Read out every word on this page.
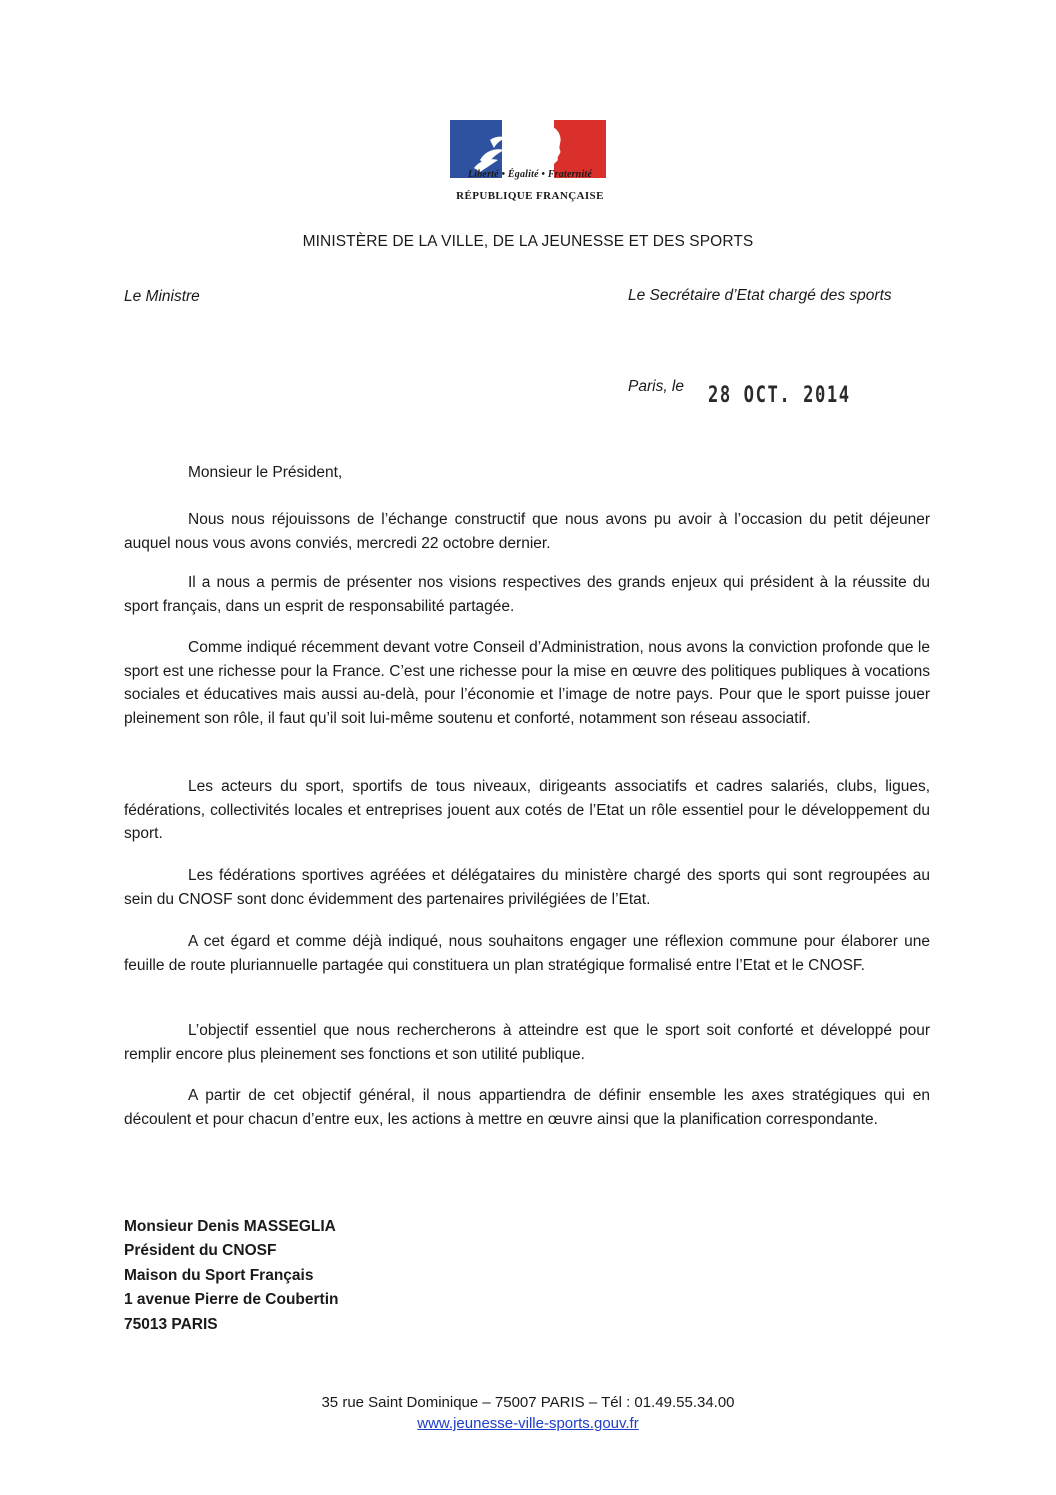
Liberté • Égalité • Fraternité
RÉPUBLIQUE FRANÇAISE
MINISTÈRE DE LA VILLE, DE LA JEUNESSE ET DES SPORTS
Le Ministre	Le Secrétaire d’Etat chargé des sports
Paris, le 28 OCT. 2014
Monsieur le Président,

Nous nous réjouissons de l’échange constructif que nous avons pu avoir à l’occasion du petit déjeuner auquel nous vous avons conviés, mercredi 22 octobre dernier.

Il a nous a permis de présenter nos visions respectives des grands enjeux qui président à la réussite du sport français, dans un esprit de responsabilité partagée.

Comme indiqué récemment devant votre Conseil d’Administration, nous avons la conviction profonde que le sport est une richesse pour la France. C’est une richesse pour la mise en œuvre des politiques publiques à vocations sociales et éducatives mais aussi au-delà, pour l’économie et l’image de notre pays. Pour que le sport puisse jouer pleinement son rôle, il faut qu’il soit lui-même soutenu et conforté, notamment son réseau associatif.

Les acteurs du sport, sportifs de tous niveaux, dirigeants associatifs et cadres salariés, clubs, ligues, fédérations, collectivités locales et entreprises jouent aux cotés de l’Etat un rôle essentiel pour le développement du sport.

Les fédérations sportives agréées et délégataires du ministère chargé des sports qui sont regroupées au sein du CNOSF sont donc évidemment des partenaires privilégiées de l’Etat.

A cet égard et comme déjà indiqué, nous souhaitons engager une réflexion commune pour élaborer une feuille de route pluriannuelle partagée qui constituera un plan stratégique formalisé entre l’Etat et le CNOSF.

L’objectif essentiel que nous rechercherons à atteindre est que le sport soit conforté et développé pour remplir encore plus pleinement ses fonctions et son utilité publique.

A partir de cet objectif général, il nous appartiendra de définir ensemble les axes stratégiques qui en découlent et pour chacun d’entre eux, les actions à mettre en œuvre ainsi que la planification correspondante.

Monsieur Denis MASSEGLIA
Président du CNOSF
Maison du Sport Français
1 avenue Pierre de Coubertin
75013 PARIS
35 rue Saint Dominique – 75007 PARIS – Tél : 01.49.55.34.00
www.jeunesse-ville-sports.gouv.fr
